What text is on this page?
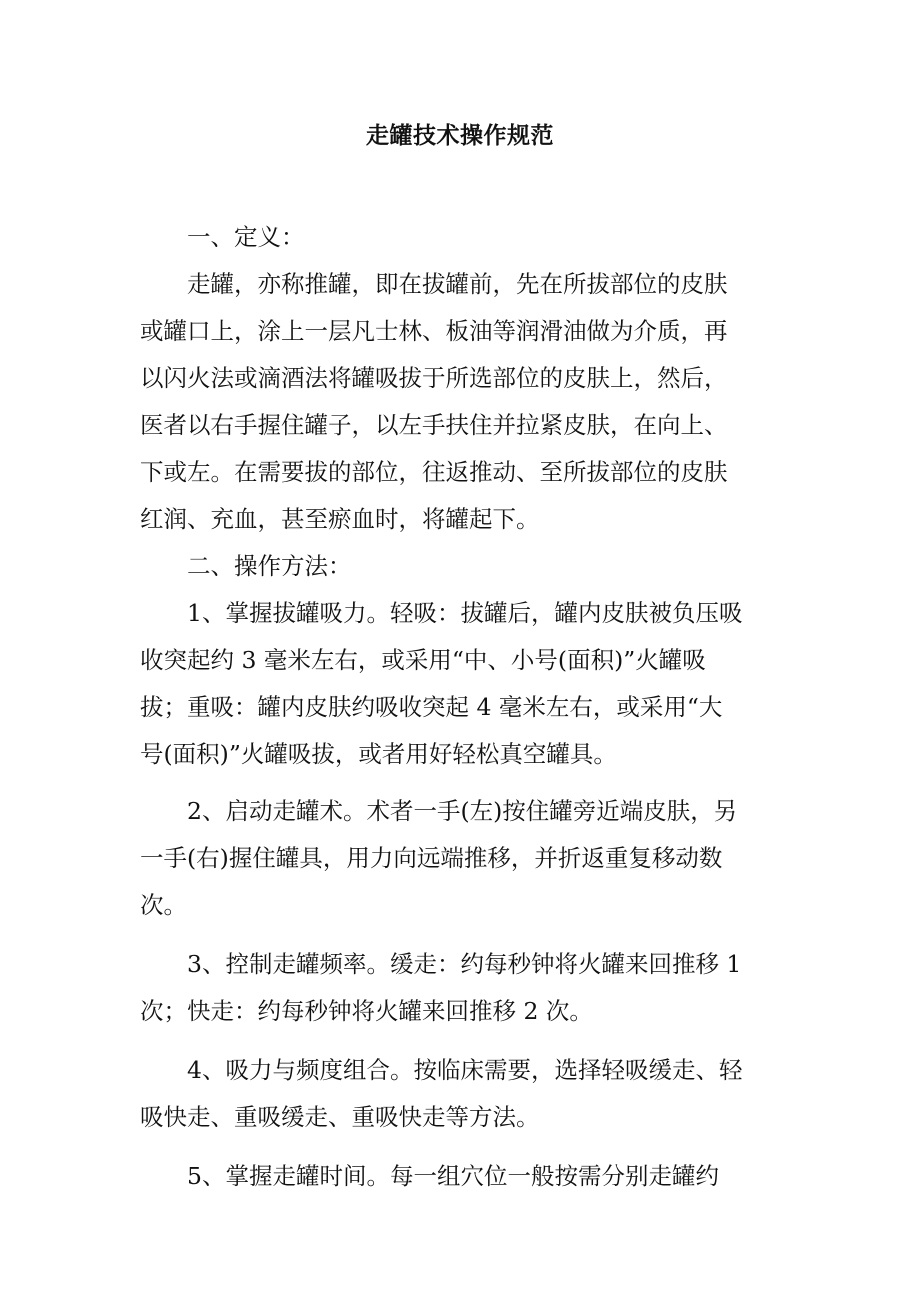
走罐技术操作规范
一、定义：
走罐，亦称推罐，即在拔罐前，先在所拔部位的皮肤
或罐口上，涂上一层凡士林、板油等润滑油做为介质，再
以闪火法或滴酒法将罐吸拔于所选部位的皮肤上，然后，
医者以右手握住罐子，以左手扶住并拉紧皮肤，在向上、
下或左。在需要拔的部位，往返推动、至所拔部位的皮肤
红润、充血，甚至瘀血时，将罐起下。
二、操作方法：
1、掌握拔罐吸力。轻吸：拔罐后，罐内皮肤被负压吸
收突起约 3 毫米左右，或采用“中、小号(面积)”火罐吸
拔；重吸：罐内皮肤约吸收突起 4 毫米左右，或采用“大
号(面积)”火罐吸拔，或者用好轻松真空罐具。
2、启动走罐术。术者一手(左)按住罐旁近端皮肤，另
一手(右)握住罐具，用力向远端推移，并折返重复移动数
次。
3、控制走罐频率。缓走：约每秒钟将火罐来回推移 1
次；快走：约每秒钟将火罐来回推移 2 次。
4、吸力与频度组合。按临床需要，选择轻吸缓走、轻
吸快走、重吸缓走、重吸快走等方法。
5、掌握走罐时间。每一组穴位一般按需分别走罐约
